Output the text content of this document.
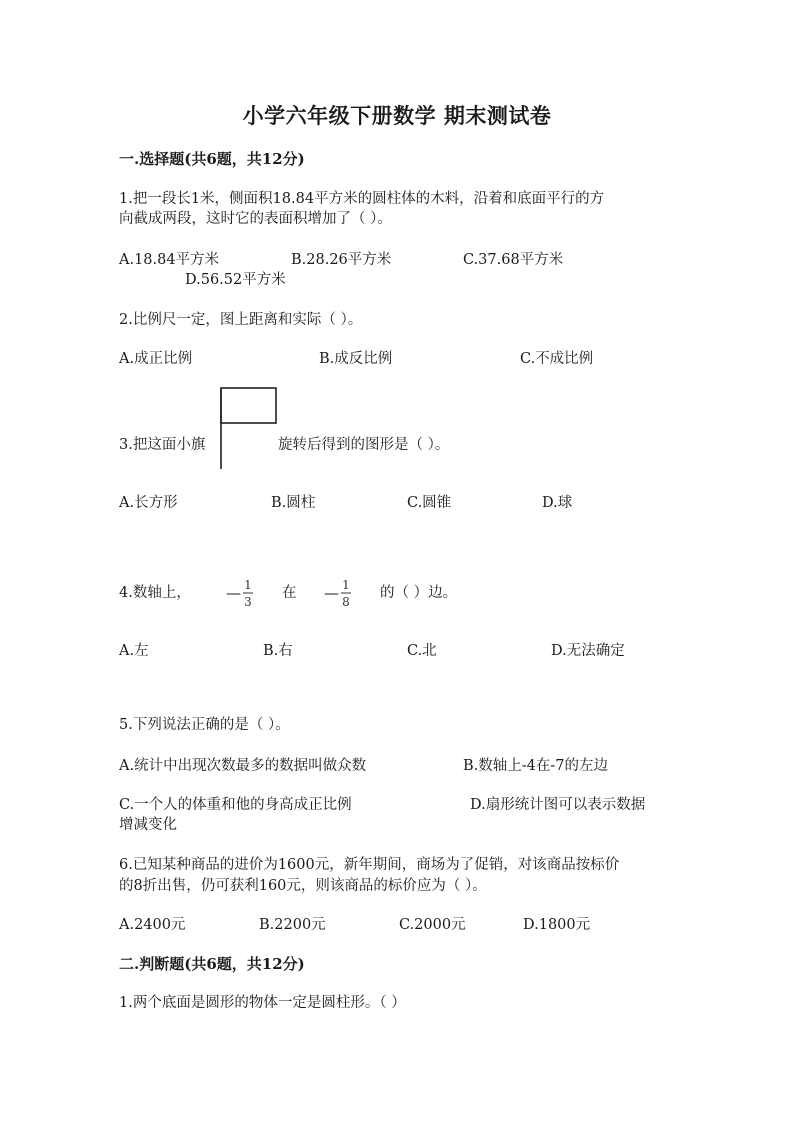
小学六年级下册数学 期末测试卷
一.选择题(共6题，共12分)
1.把一段长1米，侧面积18.84平方米的圆柱体的木料，沿着和底面平行的方
向截成两段，这时它的表面积增加了（ ）。
A.18.84平方米	B.28.26平方米	C.37.68平方米
D.56.52平方米
2.比例尺一定，图上距离和实际（ ）。
A.成正比例	B.成反比例	C.不成比例
3.把这面小旗	旋转后得到的图形是（ ）。
A.长方形	B.圆柱	C.圆锥	D.球
4.数轴上， — 1
3
在 — 1
8
的（ ）边。
A.左	B.右	C.北	D.无法确定
5.下列说法正确的是（ ）。
A.统计中出现次数最多的数据叫做众数	B.数轴上-4在-7的左边
C.一个人的体重和他的身高成正比例	D.扇形统计图可以表示数据
增减变化
6.已知某种商品的进价为1600元，新年期间，商场为了促销，对该商品按标价
的8折出售，仍可获利160元，则该商品的标价应为（ ）。
A.2400元	B.2200元	C.2000元	D.1800元
二.判断题(共6题，共12分)
1.两个底面是圆形的物体一定是圆柱形。（ ）
